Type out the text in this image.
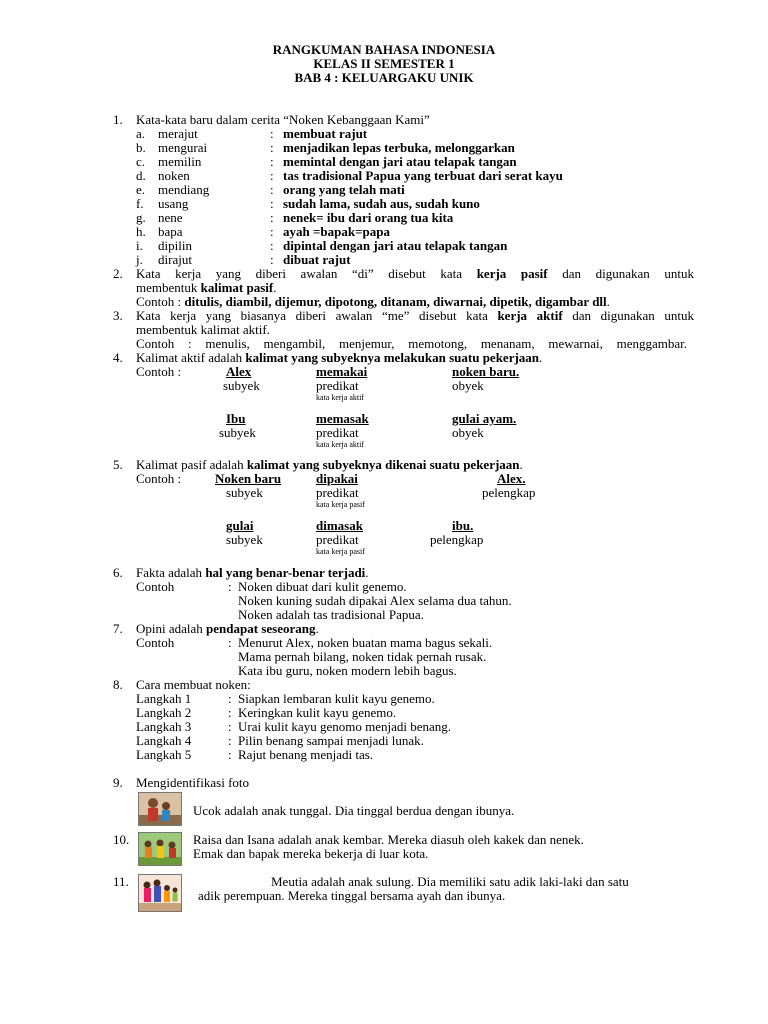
RANGKUMAN BAHASA INDONESIA
KELAS II SEMESTER 1
BAB 4 : KELUARGAKU UNIK
1. Kata-kata baru dalam cerita “Noken Kebanggaan Kami”
a. merajut	: membuat rajut
b. mengurai	: menjadikan lepas terbuka, melonggarkan
c. memilin	: memintal dengan jari atau telapak tangan
d. noken	: tas tradisional Papua yang terbuat dari serat kayu
e. mendiang	: orang yang telah mati
f. usang	: sudah lama, sudah aus, sudah kuno
g. nene	: nenek= ibu dari orang tua kita
h. bapa	: ayah =bapak=papa
i. dipilin	: dipintal dengan jari atau telapak tangan
j. dirajut	: dibuat rajut
2. Kata kerja yang diberi awalan “di” disebut kata kerja pasif dan digunakan untuk
membentuk kalimat pasif.
Contoh : ditulis, diambil, dijemur, dipotong, ditanam, diwarnai, dipetik, digambar dll.
3. Kata kerja yang biasanya diberi awalan “me” disebut kata kerja aktif dan digunakan untuk
membentuk kalimat aktif.
Contoh : menulis, mengambil, menjemur, memotong, menanam, mewarnai, menggambar.
4. Kalimat aktif adalah kalimat yang subyeknya melakukan suatu pekerjaan.
Contoh :	Alex	memakai	noken baru.
subyek	predikat	obyek
kata kerja aktif
Ibu	memasak	gulai ayam.
subyek	predikat	obyek
kata kerja aktif
5. Kalimat pasif adalah kalimat yang subyeknya dikenai suatu pekerjaan.
Contoh :	Noken baru	dipakai	Alex.
subyek	predikat	pelengkap
kata kerja pasif
gulai	dimasak	ibu.
subyek	predikat	pelengkap
kata kerja pasif
6. Fakta adalah hal yang benar-benar terjadi.
Contoh	: Noken dibuat dari kulit genemo.
Noken kuning sudah dipakai Alex selama dua tahun.
Noken adalah tas tradisional Papua.
7. Opini adalah pendapat seseorang.
Contoh	: Menurut Alex, noken buatan mama bagus sekali.
Mama pernah bilang, noken tidak pernah rusak.
Kata ibu guru, noken modern lebih bagus.
8. Cara membuat noken:
Langkah 1	: Siapkan lembaran kulit kayu genemo.
Langkah 2	: Keringkan kulit kayu genemo.
Langkah 3	: Urai kulit kayu genomo menjadi benang.
Langkah 4	: Pilin benang sampai menjadi lunak.
Langkah 5	: Rajut benang menjadi tas.
9. Mengidentifikasi foto
Ucok adalah anak tunggal. Dia tinggal berdua dengan ibunya.
10.	Raisa dan Isana adalah anak kembar. Mereka diasuh oleh kakek dan nenek.
Emak dan bapak mereka bekerja di luar kota.
11.	Meutia adalah anak sulung. Dia memiliki satu adik laki-laki dan satu
adik perempuan. Mereka tinggal bersama ayah dan ibunya.
